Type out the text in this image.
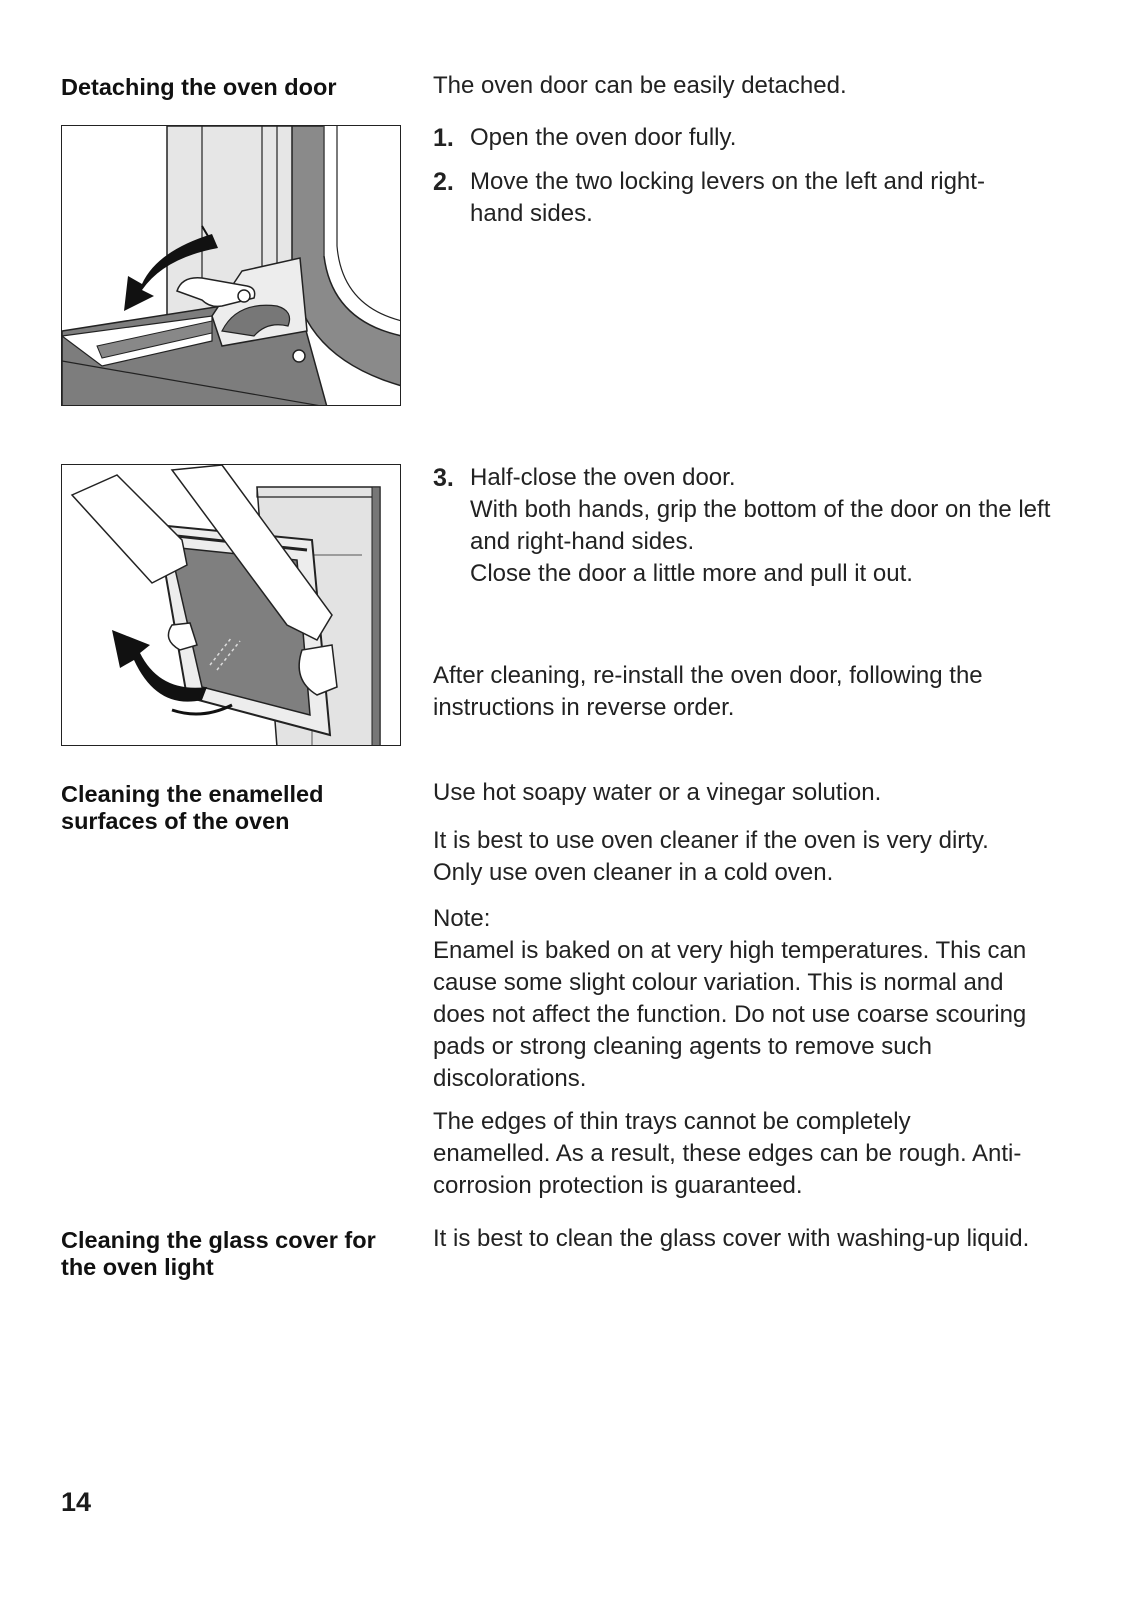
Detaching the oven door	The oven door can be easily detached.
1. Open the oven door fully.
2. Move the two locking levers on the left and right-hand sides.
3. Half-close the oven door.

With both hands, grip the bottom of the door on the left and right-hand sides.

Close the door a little more and pull it out.

After cleaning, re-install the oven door, following the instructions in reverse order.
Cleaning the enamelled surfaces of the oven
Use hot soapy water or a vinegar solution.
It is best to use oven cleaner if the oven is very dirty. Only use oven cleaner in a cold oven.

Note:

Enamel is baked on at very high temperatures. This can cause some slight colour variation. This is normal and does not affect the function. Do not use coarse scouring pads or strong cleaning agents to remove such discolorations.

The edges of thin trays cannot be completely enamelled. As a result, these edges can be rough. Anti-corrosion protection is guaranteed.
Cleaning the glass cover for the oven light
It is best to clean the glass cover with washing-up liquid.
14
